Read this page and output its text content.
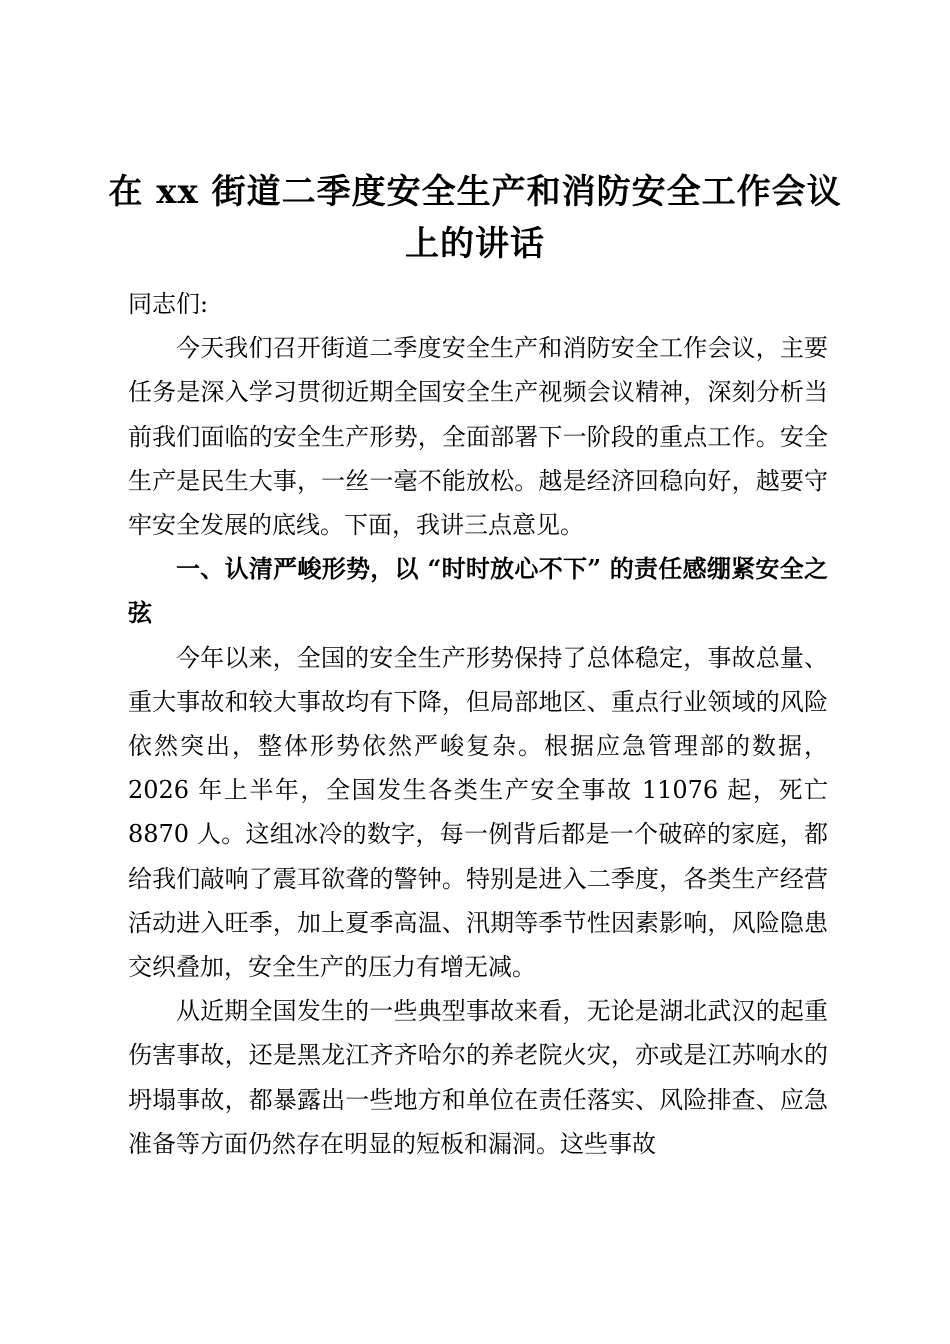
在 xx 街道二季度安全生产和消防安全工作会议上的讲话

同志们:

今天我们召开街道二季度安全生产和消防安全工作会议，主要任务是深入学习贯彻近期全国安全生产视频会议精神，深刻分析当前我们面临的安全生产形势，全面部署下一阶段的重点工作。安全生产是民生大事，一丝一毫不能放松。越是经济回稳向好，越要守牢安全发展的底线。下面，我讲三点意见。

一、认清严峻形势，以 “时时放心不下” 的责任感绷紧安全之弦

今年以来，全国的安全生产形势保持了总体稳定，事故总量、重大事故和较大事故均有下降，但局部地区、重点行业领域的风险依然突出，整体形势依然严峻复杂。根据应急管理部的数据，2026 年上半年，全国发生各类生产安全事故 11076 起，死亡 8870 人。这组冰冷的数字，每一例背后都是一个破碎的家庭，都给我们敲响了震耳欲聋的警钟。特别是进入二季度，各类生产经营活动进入旺季，加上夏季高温、汛期等季节性因素影响，风险隐患交织叠加，安全生产的压力有增无减。

从近期全国发生的一些典型事故来看，无论是湖北武汉的起重伤害事故，还是黑龙江齐齐哈尔的养老院火灾，亦或是江苏响水的坍塌事故，都暴露出一些地方和单位在责任落实、风险排查、应急准备等方面仍然存在明显的短板和漏洞。这些事故
